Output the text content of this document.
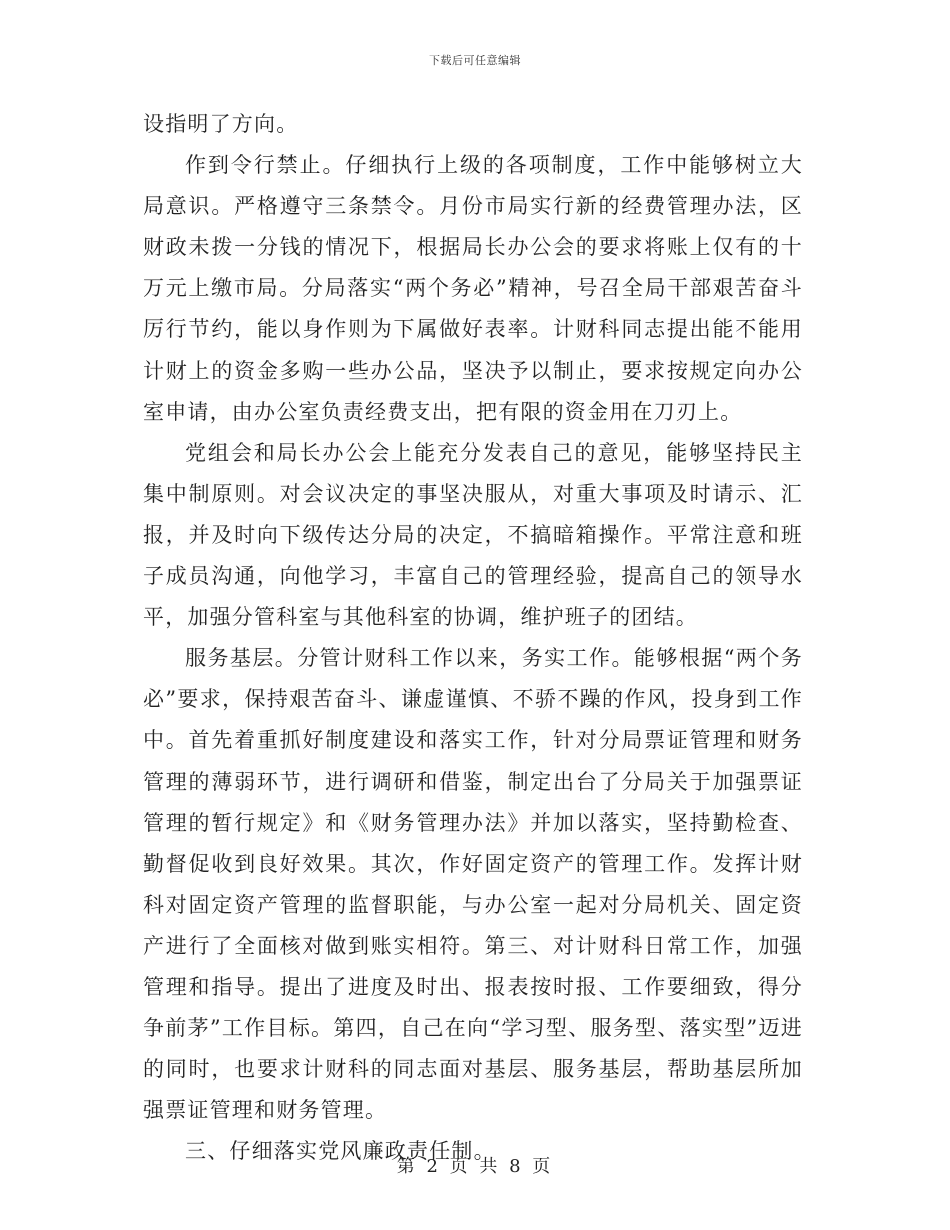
下载后可任意编辑

设指明了方向。

作到令行禁止。仔细执行上级的各项制度，工作中能够树立大局意识。严格遵守三条禁令。月份市局实行新的经费管理办法，区财政未拨一分钱的情况下，根据局长办公会的要求将账上仅有的十万元上缴市局。分局落实“两个务必”精神，号召全局干部艰苦奋斗厉行节约，能以身作则为下属做好表率。计财科同志提出能不能用计财上的资金多购一些办公品，坚决予以制止，要求按规定向办公室申请，由办公室负责经费支出，把有限的资金用在刀刃上。

党组会和局长办公会上能充分发表自己的意见，能够坚持民主集中制原则。对会议决定的事坚决服从，对重大事项及时请示、汇报，并及时向下级传达分局的决定，不搞暗箱操作。平常注意和班子成员沟通，向他学习，丰富自己的管理经验，提高自己的领导水平，加强分管科室与其他科室的协调，维护班子的团结。

服务基层。分管计财科工作以来，务实工作。能够根据“两个务必”要求，保持艰苦奋斗、谦虚谨慎、不骄不躁的作风，投身到工作中。首先着重抓好制度建设和落实工作，针对分局票证管理和财务管理的薄弱环节，进行调研和借鉴，制定出台了分局关于加强票证管理的暂行规定》和《财务管理办法》并加以落实，坚持勤检查、勤督促收到良好效果。其次，作好固定资产的管理工作。发挥计财科对固定资产管理的监督职能，与办公室一起对分局机关、固定资产进行了全面核对做到账实相符。第三、对计财科日常工作，加强管理和指导。提出了进度及时出、报表按时报、工作要细致，得分争前茅”工作目标。第四，自己在向“学习型、服务型、落实型”迈进的同时，也要求计财科的同志面对基层、服务基层，帮助基层所加强票证管理和财务管理。

三、仔细落实党风廉政责任制。

第 2 页 共 8 页
